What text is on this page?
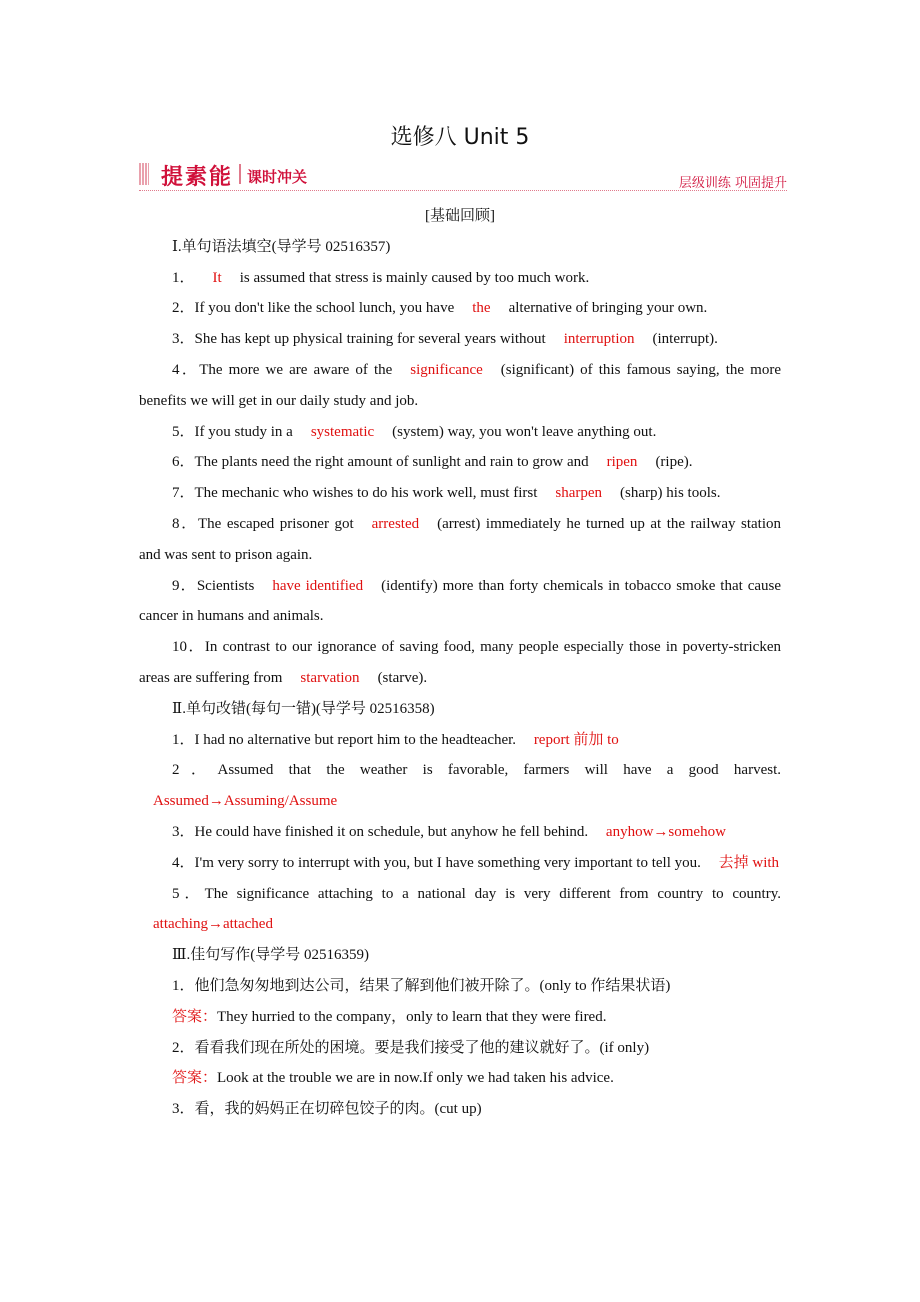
选修八 Unit 5
提素能 课时冲关	层级训练 巩固提升
[基础回顾]

Ⅰ.单句语法填空(导学号 02516357)

1． It is assumed that stress is mainly caused by too much work.

2．If you don't like the school lunch, you have the alternative of bringing your own.

3．She has kept up physical training for several years without interruption (interrupt).

4．The more we are aware of the significance (significant) of this famous saying, the more benefits we will get in our daily study and job.

5．If you study in a systematic (system) way, you won't leave anything out.

6．The plants need the right amount of sunlight and rain to grow and ripen (ripe).

7．The mechanic who wishes to do his work well, must first sharpen (sharp) his tools.

8．The escaped prisoner got arrested (arrest) immediately he turned up at the railway station and was sent to prison again.

9．Scientists have identified (identify) more than forty chemicals in tobacco smoke that cause cancer in humans and animals.

10．In contrast to our ignorance of saving food, many people especially those in poverty-stricken areas are suffering from starvation (starve).

Ⅱ.单句改错(每句一错)(导学号 02516358)

1．I had no alternative but report him to the headteacher. report 前加 to

2．Assumed that the weather is favorable, farmers will have a good harvest. Assumed→Assuming/Assume

3．He could have finished it on schedule, but anyhow he fell behind. anyhow→somehow

4．I'm very sorry to interrupt with you, but I have something very important to tell you. 去掉 with

5．The significance attaching to a national day is very different from country to country. attaching→attached

Ⅲ.佳句写作(导学号 02516359)

1．他们急匆匆地到达公司，结果了解到他们被开除了。(only to 作结果状语)

答案：They hurried to the company，only to learn that they were fired.

2．看看我们现在所处的困境。要是我们接受了他的建议就好了。(if only)

答案：Look at the trouble we are in now.If only we had taken his advice.

3．看，我的妈妈正在切碎包饺子的肉。(cut up)
